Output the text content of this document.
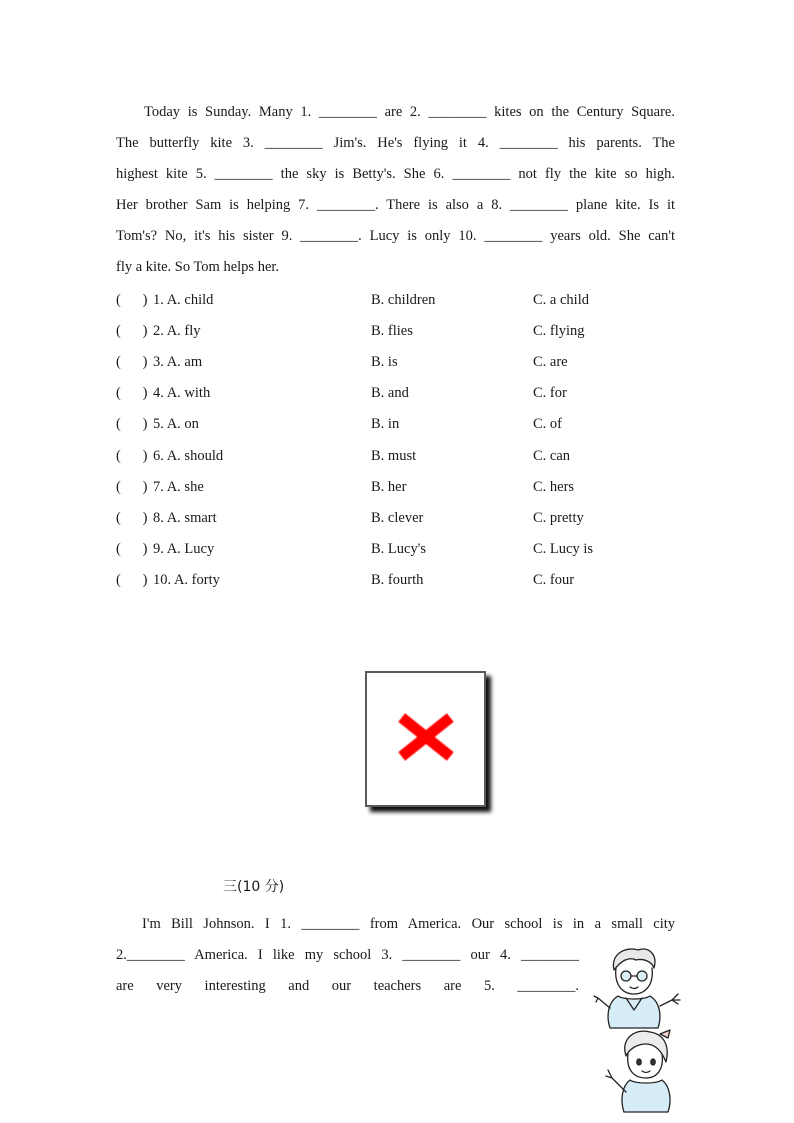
Today is Sunday. Many 1. ________ are 2. ________ kites on the Century Square.
The butterfly kite 3. ________ Jim's. He's flying it 4. ________ his parents. The
highest kite 5. ________ the sky is Betty's. She 6. ________ not fly the kite so high.
Her brother Sam is helping 7. ________. There is also a 8. ________ plane kite. Is it
Tom's? No, it's his sister 9. ________. Lucy is only 10. ________ years old. She can't
fly a kite. So Tom helps her.
(      ) 1. A. child	B. children	C. a child
(      ) 2. A. fly	B. flies	C. flying
(      ) 3. A. am	B. is	C. are
(      ) 4. A. with	B. and	C. for
(      ) 5. A. on	B. in	C. of
(      ) 6. A. should	B. must	C. can
(      ) 7. A. she	B. her	C. hers
(      ) 8. A. smart	B. clever	C. pretty
(      ) 9. A. Lucy	B. Lucy's	C. Lucy is
(      ) 10. A. forty	B. fourth	C. four
三(10 分)
I'm Bill Johnson. I 1. ________ from America. Our school is in a small city
2.________ America. I like my school 3. ________ our 4. ________
are very interesting and our teachers are 5. ________.
